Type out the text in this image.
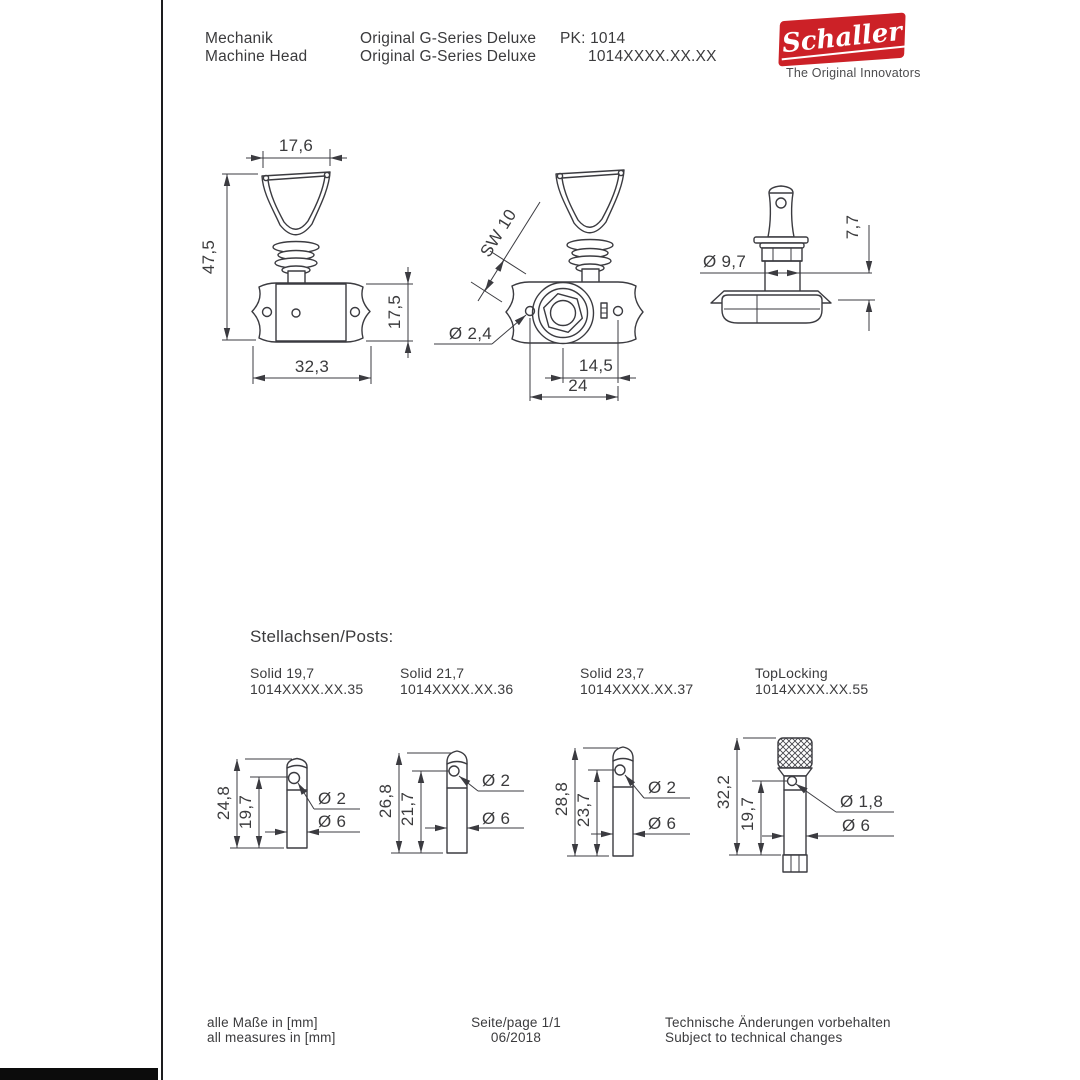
Mechanik
Machine Head
Original G-Series Deluxe
Original G-Series Deluxe
PK: 1014
1014XXXX.XX.XX Schaller
The Original Innovators
Stellachsen/Posts:
Solid 19,7
1014XXXX.XX.35
Solid 21,7
1014XXXX.XX.36
Solid 23,7
1014XXXX.XX.37
TopLocking
1014XXXX.XX.55
alle Maße in [mm]
all measures in [mm]
Seite/page 1/1
06/2018
Technische Änderungen vorbehalten
Subject to technical changes
17,6
47,5
17,5
32,3
SW 10
Ø 2,4
14,5
24
Ø 9,7
7,7
24,8 19,7	Ø 2
Ø 6
26,8 21,7
Ø 2
Ø 6
28,8 23,7
Ø 2
Ø 6
32,2
19,7	Ø 1,8
Ø 6
